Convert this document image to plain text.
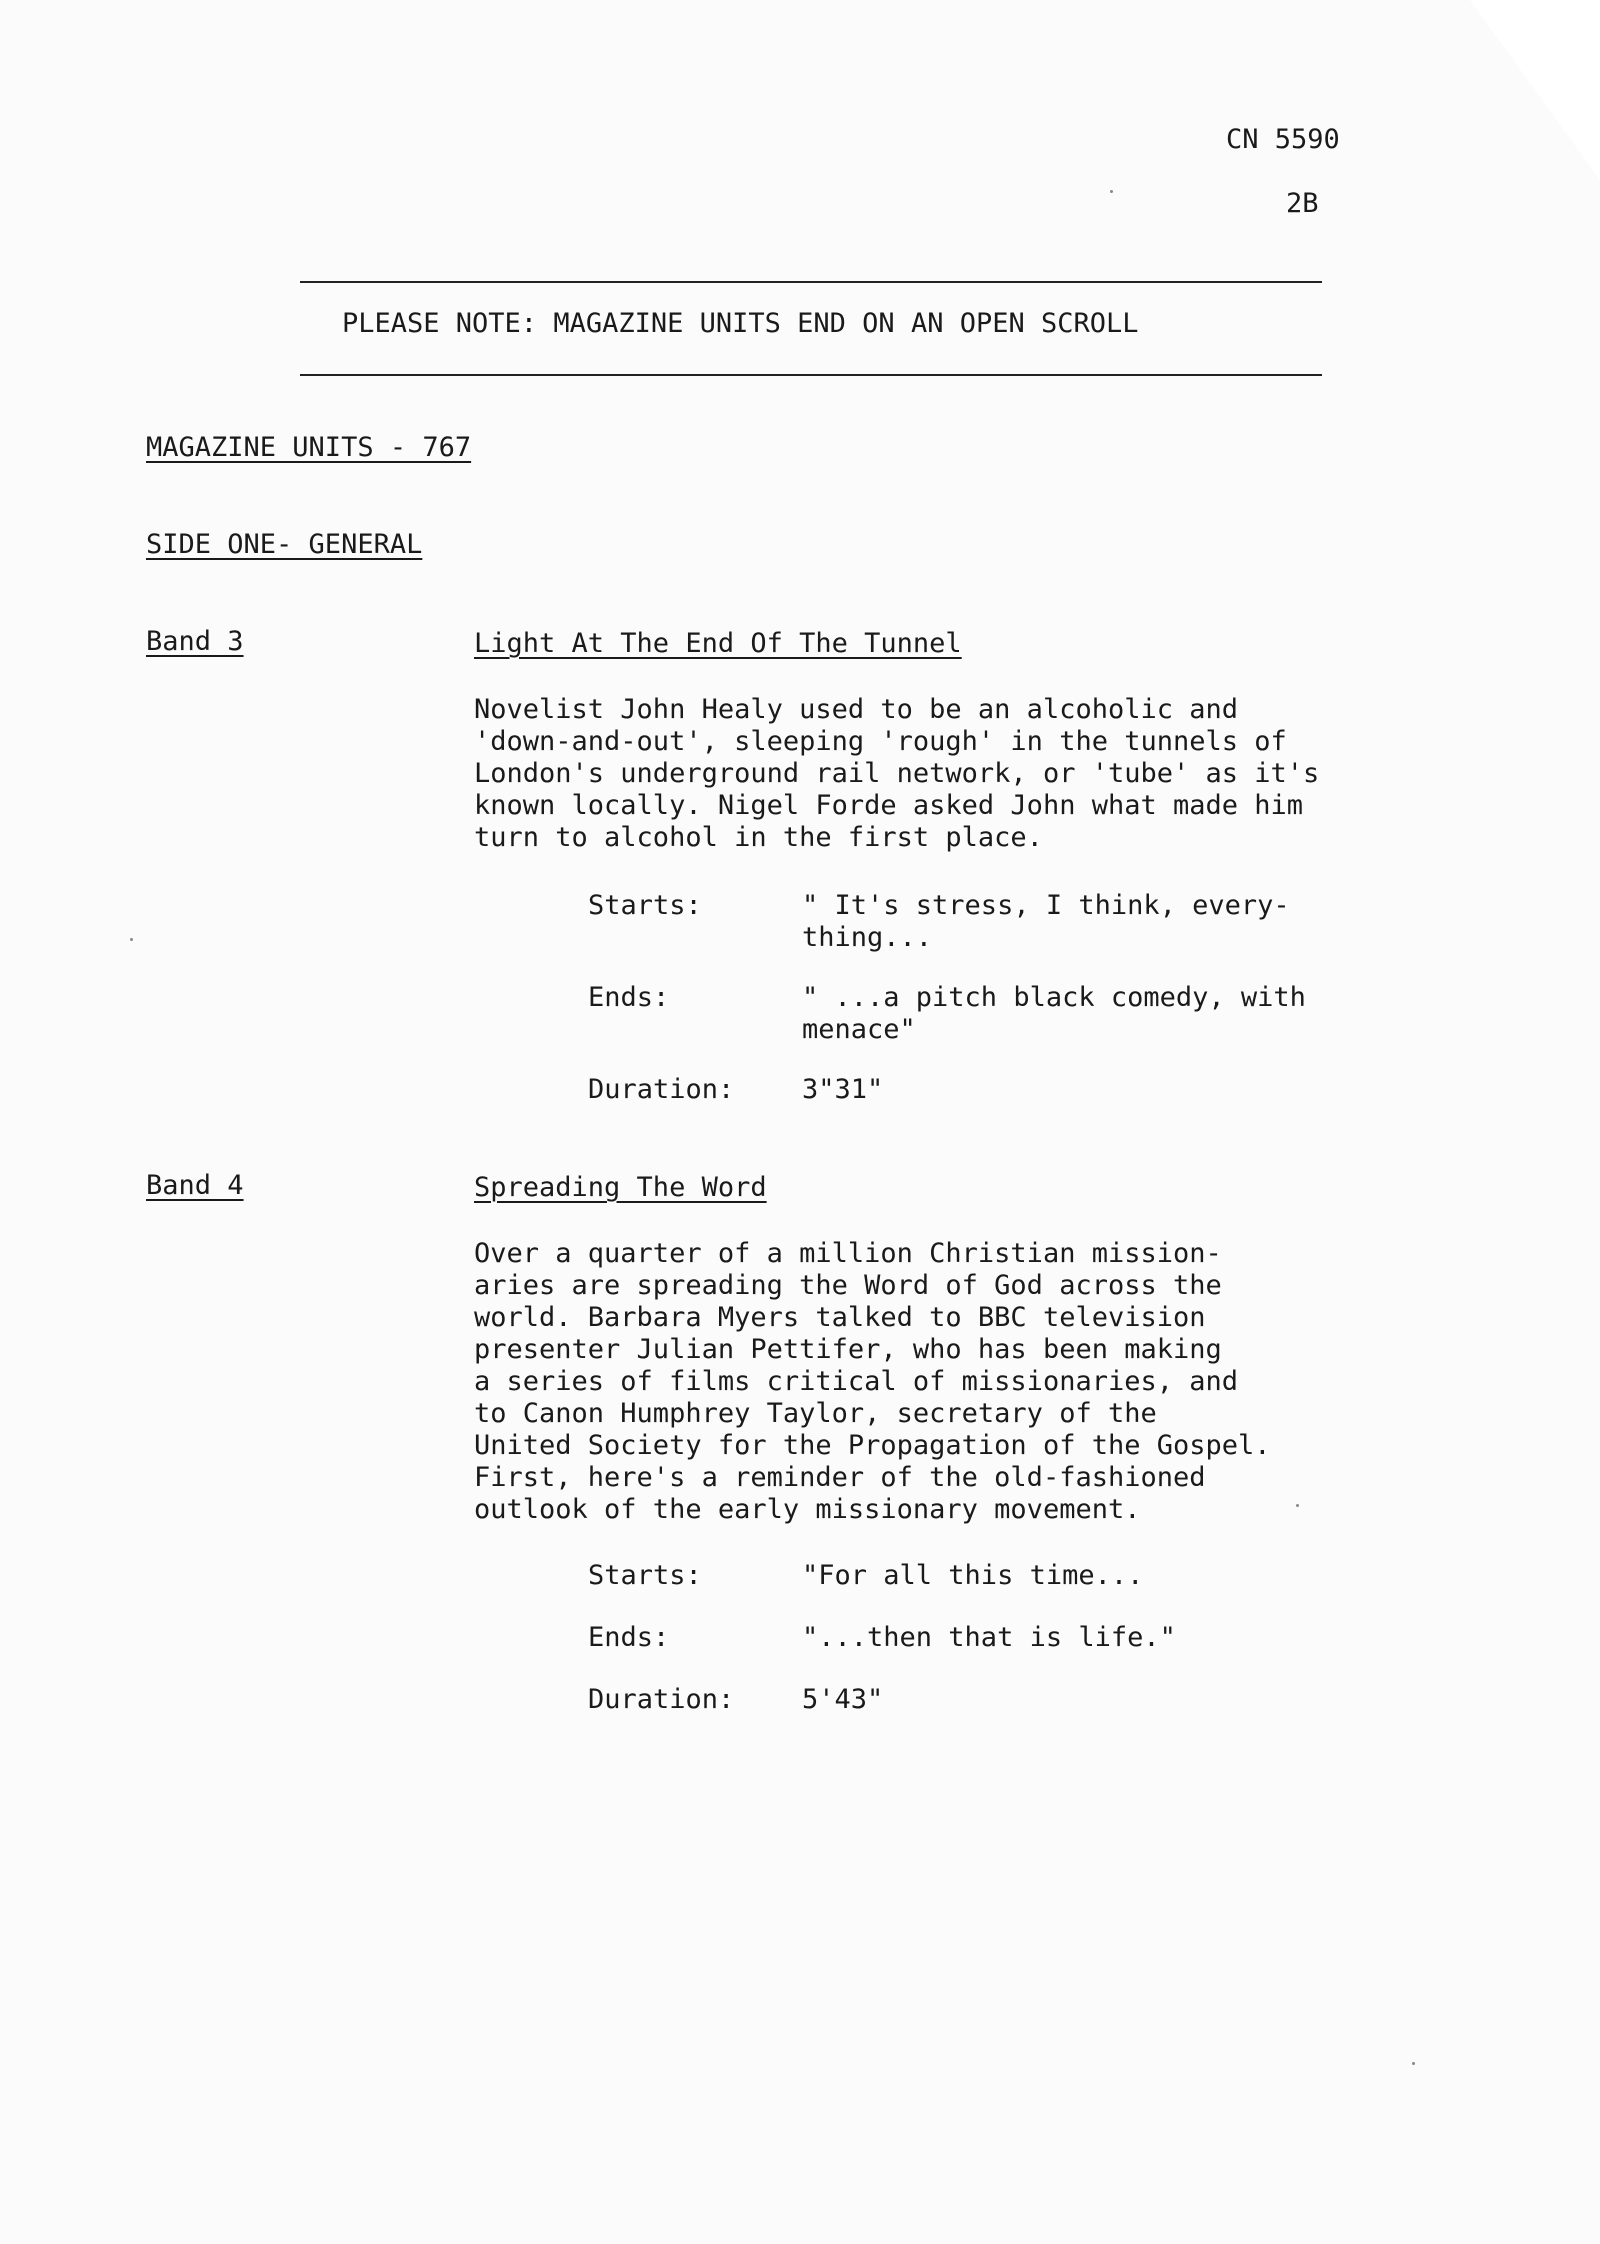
CN 5590
2B
PLEASE NOTE: MAGAZINE UNITS END ON AN OPEN SCROLL
MAGAZINE UNITS - 767
SIDE ONE- GENERAL
Band 3	Light At The End Of The Tunnel
Novelist John Healy used to be an alcoholic and
'down-and-out', sleeping 'rough' in the tunnels of
London's underground rail network, or 'tube' as it's
known locally. Nigel Forde asked John what made him
turn to alcohol in the first place.
Starts:	" It's stress, I think, every-
thing...
Ends:	" ...a pitch black comedy, with
menace"
Duration:	3"31"
Band 4	Spreading The Word
Over a quarter of a million Christian mission-
aries are spreading the Word of God across the
world. Barbara Myers talked to BBC television
presenter Julian Pettifer, who has been making
a series of films critical of missionaries, and
to Canon Humphrey Taylor, secretary of the
United Society for the Propagation of the Gospel.
First, here's a reminder of the old-fashioned
outlook of the early missionary movement.
Starts:	"For all this time...
Ends:	"...then that is life."
Duration:	5'43"
